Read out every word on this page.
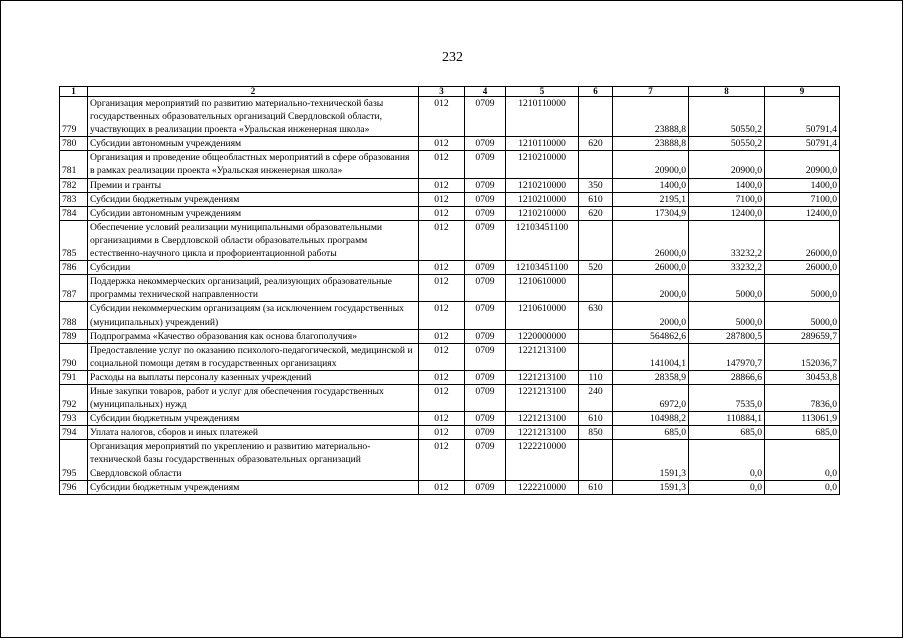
232
1	2	3	4	5	6	7	8	9
779	Организация мероприятий по развитию материально-технической базы государственных образовательных организаций Свердловской области, участвующих в реализации проекта «Уральская инженерная школа»	012	0709	1210110000		23888,8	50550,2	50791,4
780	Субсидии автономным учреждениям	012	0709	1210110000	620	23888,8	50550,2	50791,4
781	Организация и проведение общеобластных мероприятий в сфере образования в рамках реализации проекта «Уральская инженерная школа»	012	0709	1210210000		20900,0	20900,0	20900,0
782	Премии и гранты	012	0709	1210210000	350	1400,0	1400,0	1400,0
783	Субсидии бюджетным учреждениям	012	0709	1210210000	610	2195,1	7100,0	7100,0
784	Субсидии автономным учреждениям	012	0709	1210210000	620	17304,9	12400,0	12400,0
785	Обеспечение условий реализации муниципальными образовательными организациями в Свердловской области образовательных программ естественно-научного цикла и профориентационной работы	012	0709	12103451100		26000,0	33232,2	26000,0
786	Субсидии	012	0709	12103451100	520	26000,0	33232,2	26000,0
787	Поддержка некоммерческих организаций, реализующих образовательные программы технической направленности	012	0709	1210610000		2000,0	5000,0	5000,0
788	Субсидии некоммерческим организациям (за исключением государственных (муниципальных) учреждений)	012	0709	1210610000	630	2000,0	5000,0	5000,0
789	Подпрограмма «Качество образования как основа благополучия»	012	0709	1220000000		564862,6	287800,5	289659,7
790	Предоставление услуг по оказанию психолого-педагогической, медицинской и социальной помощи детям в государственных организациях	012	0709	1221213100		141004,1	147970,7	152036,7
791	Расходы на выплаты персоналу казенных учреждений	012	0709	1221213100	110	28358,9	28866,6	30453,8
792	Иные закупки товаров, работ и услуг для обеспечения государственных (муниципальных) нужд	012	0709	1221213100	240	6972,0	7535,0	7836,0
793	Субсидии бюджетным учреждениям	012	0709	1221213100	610	104988,2	110884,1	113061,9
794	Уплата налогов, сборов и иных платежей	012	0709	1221213100	850	685,0	685,0	685,0
795	Организация мероприятий по укреплению и развитию материально-технической базы государственных образовательных организаций Свердловской области	012	0709	1222210000		1591,3	0,0	0,0
796	Субсидии бюджетным учреждениям	012	0709	1222210000	610	1591,3	0,0	0,0
